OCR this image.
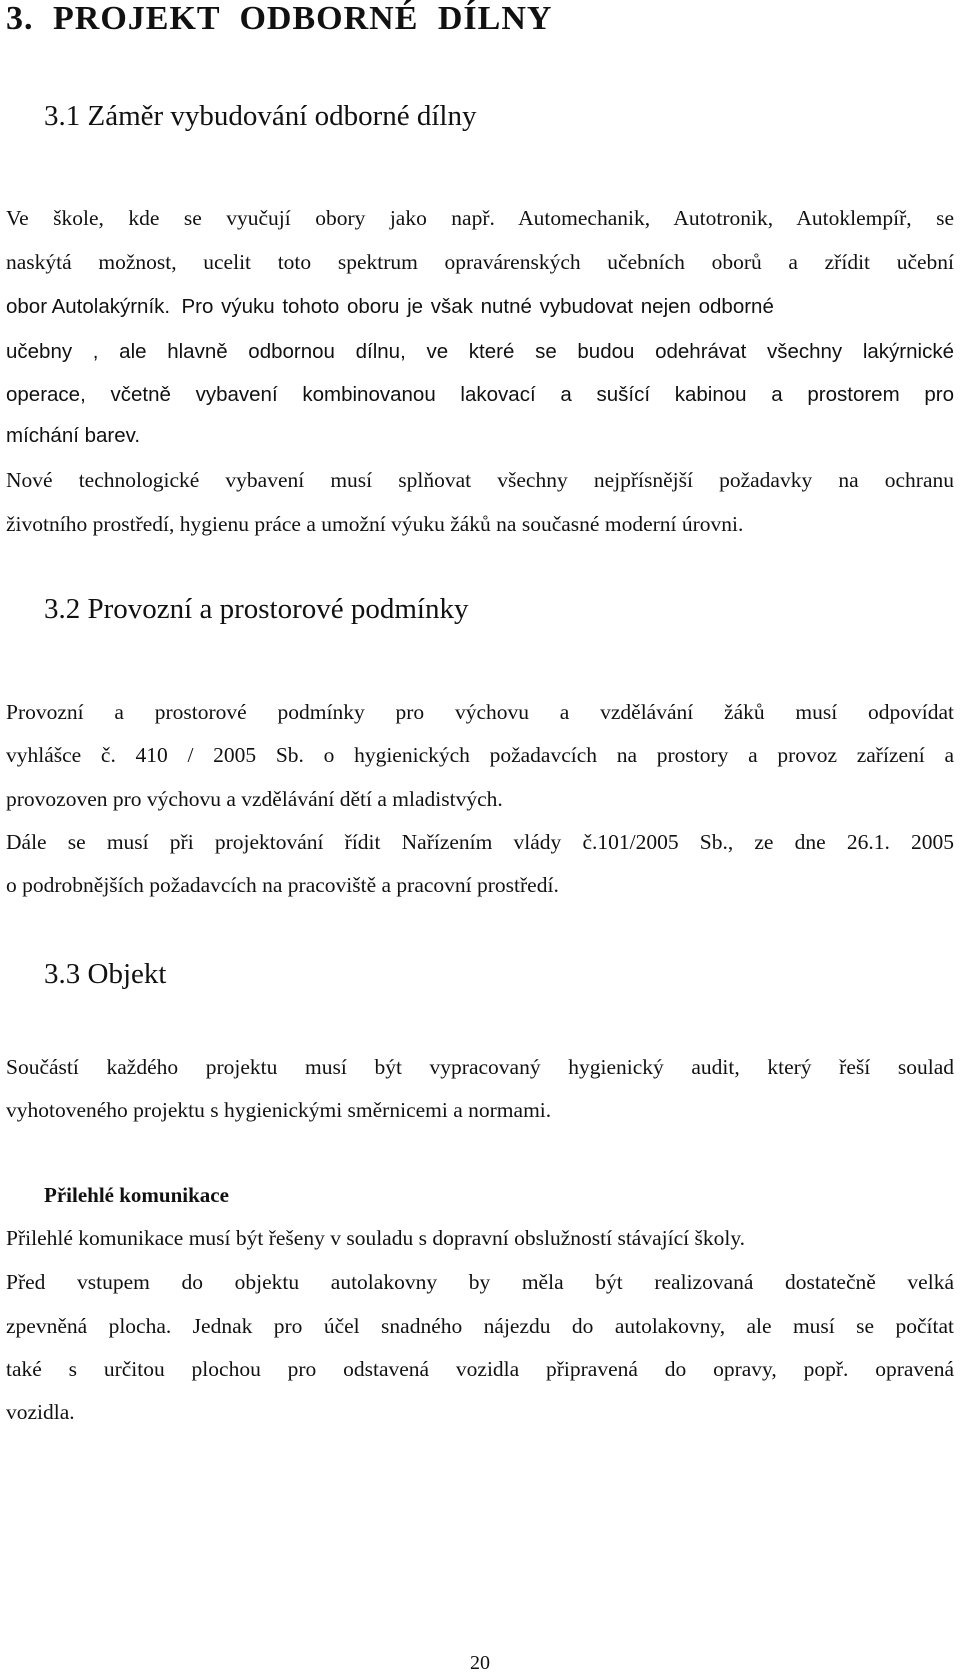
3. PROJEKT ODBORNÉ DÍLNY
3.1 Záměr vybudování odborné dílny
Ve škole, kde se vyučují obory jako např. Automechanik, Autotronik, Autoklempíř, se
naskýtá možnost, ucelit toto spektrum opravárenských učebních oborů a zřídit učební
obor Autolakýrník. Pro výuku tohoto oboru je však nutné vybudovat nejen odborné
učebny , ale hlavně odbornou dílnu, ve které se budou odehrávat všechny lakýrnické
operace, včetně vybavení kombinovanou lakovací a sušící kabinou a prostorem pro
míchání barev.
Nové technologické vybavení musí splňovat všechny nejpřísnější požadavky na ochranu
životního prostředí, hygienu práce a umožní výuku žáků na současné moderní úrovni.
3.2 Provozní a prostorové podmínky
Provozní a prostorové podmínky pro výchovu a vzdělávání žáků musí odpovídat
vyhlášce č. 410 / 2005 Sb. o hygienických požadavcích na prostory a provoz zařízení a
provozoven pro výchovu a vzdělávání dětí a mladistvých.
Dále se musí při projektování řídit Nařízením vlády č.101/2005 Sb., ze dne 26.1. 2005
o podrobnějších požadavcích na pracoviště a pracovní prostředí.
3.3 Objekt
Součástí každého projektu musí být vypracovaný hygienický audit, který řeší soulad
vyhotoveného projektu s hygienickými směrnicemi a normami.
Přilehlé komunikace
Přilehlé komunikace musí být řešeny v souladu s dopravní obslužností stávající školy.
Před vstupem do objektu autolakovny by měla být realizovaná dostatečně velká
zpevněná plocha. Jednak pro účel snadného nájezdu do autolakovny, ale musí se počítat
také s určitou plochou pro odstavená vozidla připravená do opravy, popř. opravená
vozidla.
20
